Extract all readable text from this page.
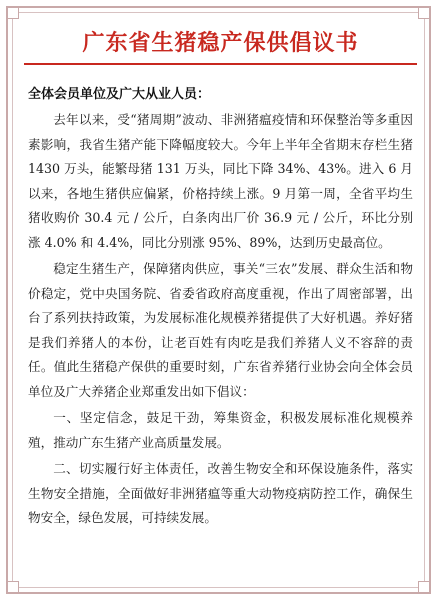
广东省生猪稳产保供倡议书
全体会员单位及广大从业人员：

去年以来，受“猪周期”波动、非洲猪瘟疫情和环保整治等多重因素影响，我省生猪产能下降幅度较大。今年上半年全省期末存栏生猪 1430 万头，能繁母猪 131 万头，同比下降 34%、43%。进入 6 月以来，各地生猪供应偏紧，价格持续上涨。9 月第一周，全省平均生猪收购价 30.4 元 / 公斤，白条肉出厂价 36.9 元 / 公斤，环比分别涨 4.0% 和 4.4%，同比分别涨 95%、89%，达到历史最高位。

稳定生猪生产，保障猪肉供应，事关“三农”发展、群众生活和物价稳定，党中央国务院、省委省政府高度重视，作出了周密部署，出台了系列扶持政策，为发展标准化规模养猪提供了大好机遇。养好猪是我们养猪人的本份，让老百姓有肉吃是我们养猪人义不容辞的责任。值此生猪稳产保供的重要时刻，广东省养猪行业协会向全体会员单位及广大养猪企业郑重发出如下倡议：

一、坚定信念，鼓足干劲，筹集资金，积极发展标准化规模养殖，推动广东生猪产业高质量发展。

二、切实履行好主体责任，改善生物安全和环保设施条件，落实生物安全措施，全面做好非洲猪瘟等重大动物疫病防控工作，确保生物安全，绿色发展，可持续发展。
